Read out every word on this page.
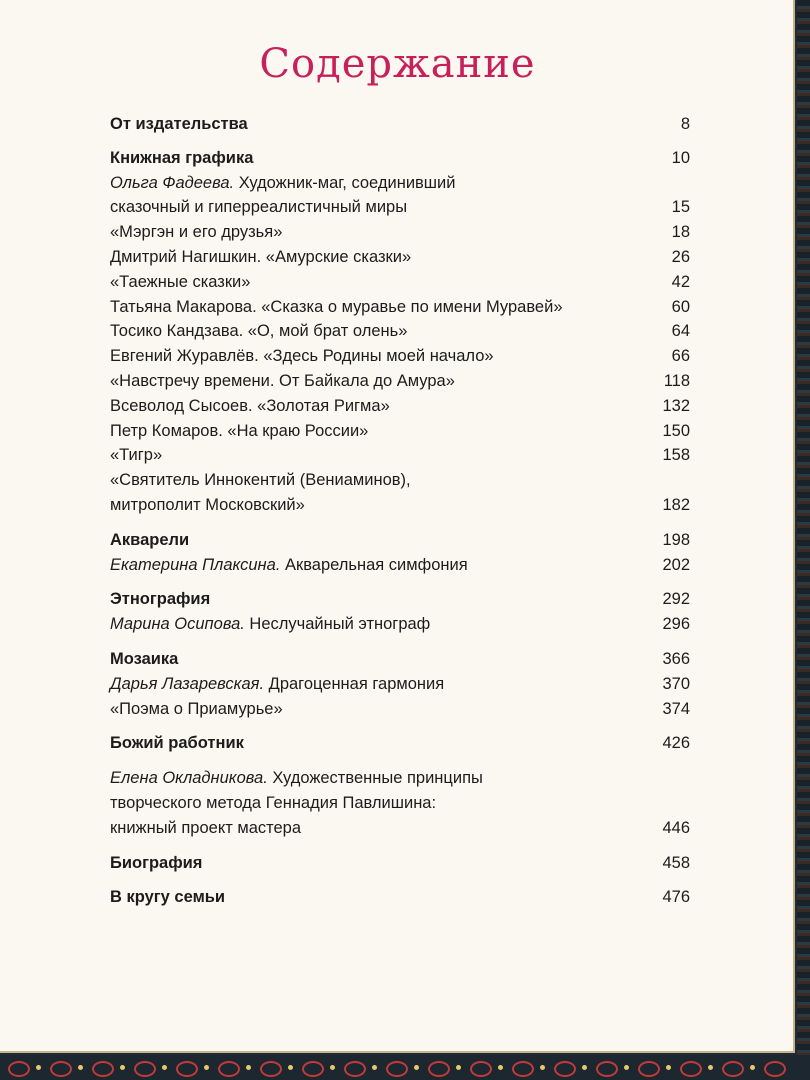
Содержание
От издательства	8
Книжная графика	10
Ольга Фадеева. Художник-маг, соединивший
сказочный и гиперреалистичный миры	15
«Мэргэн и его друзья»	18
Дмитрий Нагишкин. «Амурские сказки»	26
«Таежные сказки»	42
Татьяна Макарова. «Сказка о муравье по имени Муравей»	60
Тосико Кандзава. «О, мой брат олень»	64
Евгений Журавлёв. «Здесь Родины моей начало»	66
«Навстречу времени. От Байкала до Амура»	118
Всеволод Сысоев. «Золотая Ригма»	132
Петр Комаров. «На краю России»	150
«Тигр»	158
«Святитель Иннокентий (Вениаминов),
митрополит Московский»	182
Акварели	198
Екатерина Плаксина. Акварельная симфония	202
Этнография	292
Марина Осипова. Неслучайный этнограф	296
Мозаика	366
Дарья Лазаревская. Драгоценная гармония	370
«Поэма о Приамурье»	374
Божий работник	426
Елена Окладникова. Художественные принципы
творческого метода Геннадия Павлишина:
книжный проект мастера	446
Биография	458
В кругу семьи	476
